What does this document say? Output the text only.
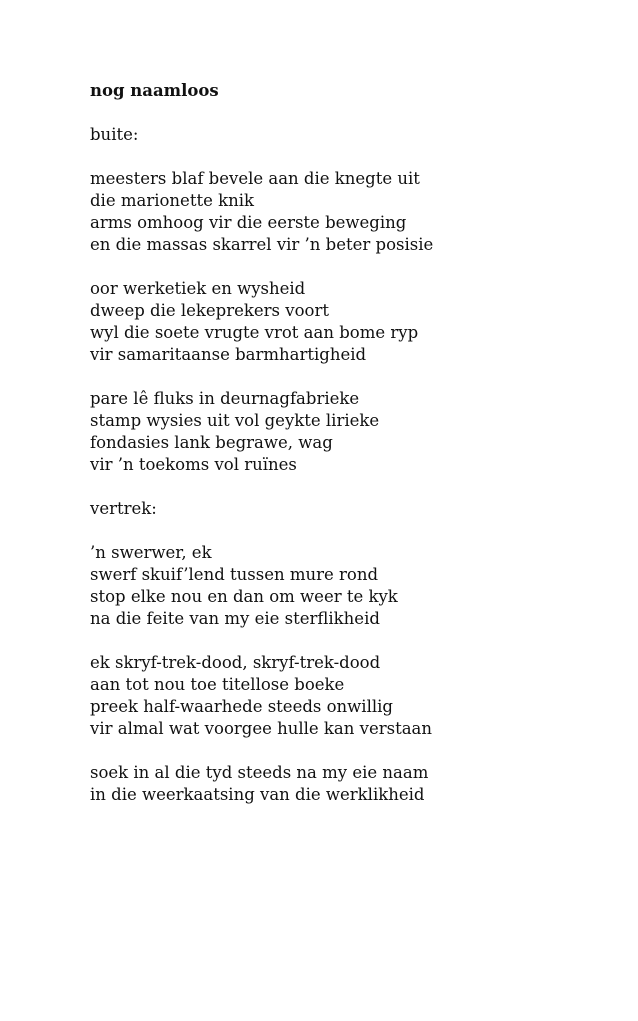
nog naamloos
buite:
meesters blaf bevele aan die knegte uit
die marionette knik
arms omhoog vir die eerste beweging
en die massas skarrel vir ’n beter posisie
oor werketiek en wysheid
dweep die lekeprekers voort
wyl die soete vrugte vrot aan bome ryp
vir samaritaanse barmhartigheid
pare lê fluks in deurnagfabrieke
stamp wysies uit vol geykte lirieke
fondasies lank begrawe, wag
vir ’n toekoms vol ruïnes
vertrek:
’n swerwer, ek
swerf skuif’lend tussen mure rond
stop elke nou en dan om weer te kyk
na die feite van my eie sterflikheid
ek skryf-trek-dood, skryf-trek-dood
aan tot nou toe titellose boeke
preek half-waarhede steeds onwillig
vir almal wat voorgee hulle kan verstaan
soek in al die tyd steeds na my eie naam
in die weerkaatsing van die werklikheid
